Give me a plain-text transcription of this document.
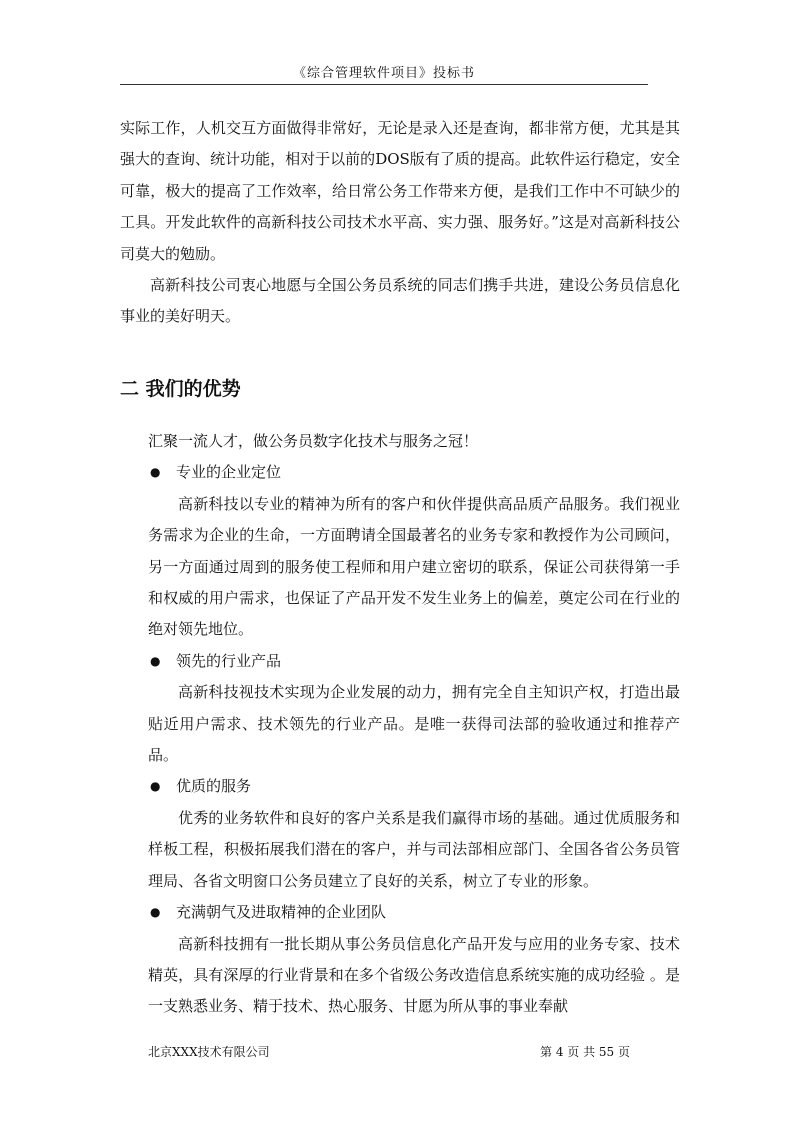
《综合管理软件项目》投标书

实际工作，人机交互方面做得非常好，无论是录入还是查询，都非常方便，尤其是其强大的查询、统计功能，相对于以前的DOS版有了质的提高。此软件运行稳定，安全可靠，极大的提高了工作效率，给日常公务工作带来方便，是我们工作中不可缺少的工具。开发此软件的高新科技公司技术水平高、实力强、服务好。”这是对高新科技公司莫大的勉励。

高新科技公司衷心地愿与全国公务员系统的同志们携手共进，建设公务员信息化事业的美好明天。

二 我们的优势

汇聚一流人才，做公务员数字化技术与服务之冠！

● 专业的企业定位

高新科技以专业的精神为所有的客户和伙伴提供高品质产品服务。我们视业务需求为企业的生命，一方面聘请全国最著名的业务专家和教授作为公司顾问，另一方面通过周到的服务使工程师和用户建立密切的联系，保证公司获得第一手和权威的用户需求，也保证了产品开发不发生业务上的偏差，奠定公司在行业的绝对领先地位。

● 领先的行业产品

高新科技视技术实现为企业发展的动力，拥有完全自主知识产权，打造出最贴近用户需求、技术领先的行业产品。是唯一获得司法部的验收通过和推荐产品。

● 优质的服务

优秀的业务软件和良好的客户关系是我们赢得市场的基础。通过优质服务和样板工程，积极拓展我们潜在的客户，并与司法部相应部门、全国各省公务员管理局、各省文明窗口公务员建立了良好的关系，树立了专业的形象。

● 充满朝气及进取精神的企业团队

高新科技拥有一批长期从事公务员信息化产品开发与应用的业务专家、技术精英，具有深厚的行业背景和在多个省级公务改造信息系统实施的成功经验 。是一支熟悉业务、精于技术、热心服务、甘愿为所从事的事业奉献

北京XXX技术有限公司	第 4 页 共 55 页
